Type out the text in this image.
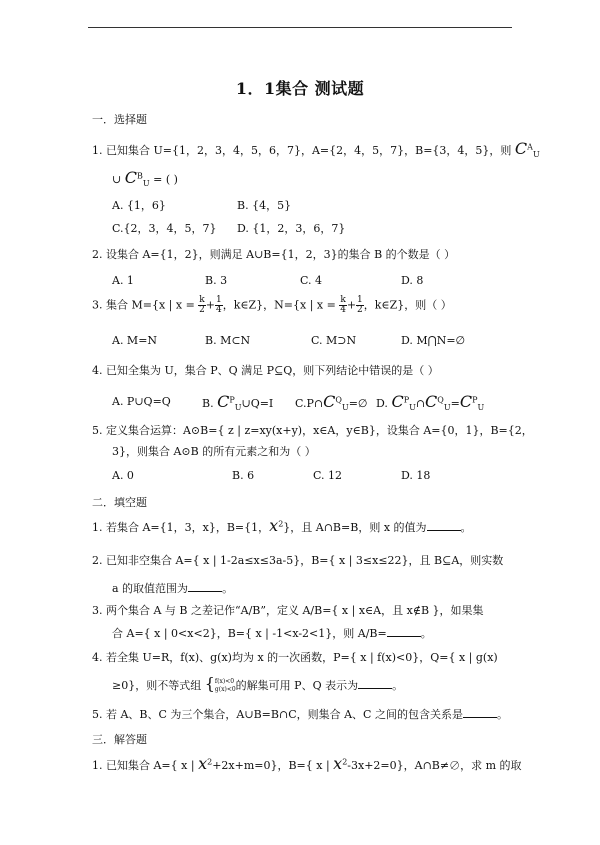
1．1集合 测试题
一．选择题
1. 已知集合 U={1，2，3，4，5，6，7}，A={2，4，5，7}，B={3，4，5}，则 $C^A_U$
∪ $C^B_U$ = ( )
A. {1，6}	B. {4，5}
C.{2，3，4，5，7} D. {1，2，3，6，7}
2. 设集合 A={1，2}，则满足 A∪B={1，2，3}的集合 B 的个数是（ ）
A. 1	B. 3	C. 4	D. 8
3. 集合 M={x | $x = \frac{k}{2} + \frac{1}{4}$ ，k∈Z}，N={x | $x = \frac{k}{4} + \frac{1}{2}$ ，k∈Z}，则（ ）
A. M=N	B. M⊂N	C. M⊃N	D. M⋂N=∅
4. 已知全集为 U，集合 P、Q 满足 P⊆Q，则下列结论中错误的是（ ）
A. P∪Q=Q	B. $C^P_U\cup Q=I$ $C.P\cap C^Q_U=\emptyset$ D. $C^P_U\cap C^Q_U=C^P_U$
5. 定义集合运算：A⊙B={ z | z=xy(x+y)，x∈A，y∈B}，设集合 A={0，1}，B={2，
3}，则集合 A⊙B 的所有元素之和为（ ）
A. 0	B. 6	C. 12	D. 18
二．填空题
1. 若集合 A={1，3，x}，B={1，$x^2$}，且 A∩B=B，则 x 的值为	。
2. 已知非空集合 A={ x | 1-2a≤x≤3a-5}，B={ x | 3≤x≤22}，且 B⊆A，则实数
a 的取值范围为	。
3. 两个集合 A 与 B 之差记作“A/B”，定义 A/B={ x | x∈A，且 x∉B }，如果集
合 A={ x | 0<x<2}，B={ x | -1<x-2<1}，则 A/B=	。
4. 若全集 U=R，f(x)、g(x)均为 x 的一次函数，P={ x | f(x)<0}，Q={ x | g(x)
≥0}，则不等式组 { f(x)<0
g(x)<0 的解集可用 P、Q 表示为	。
5. 若 A、B、C 为三个集合，A∪B=B∩C，则集合 A、C 之间的包含关系是	。
三．解答题
1. 已知集合 A={ x | $x^2+2x+m=0$}，B={ x | $x^2-3x+2=0$}，A∩B≠∅，求 m 的取
